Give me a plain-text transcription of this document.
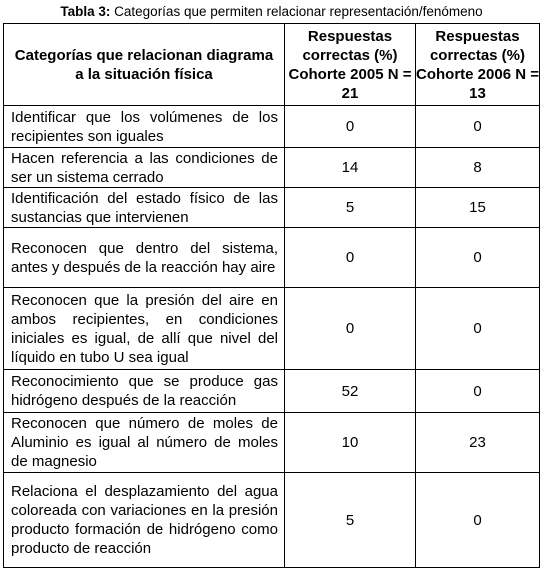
Tabla 3: Categorías que permiten relacionar representación/fenómeno
Categorías que relacionan diagrama a la situación física	Respuestas correctas (%) Cohorte 2005 N = 21	Respuestas correctas (%) Cohorte 2006 N = 13
Identificar que los volúmenes de los recipientes son iguales	0	0
Hacen referencia a las condiciones de ser un sistema cerrado	14	8
Identificación del estado físico de las sustancias que intervienen	5	15
Reconocen que dentro del sistema, antes y después de la reacción hay aire	0	0
Reconocen que la presión del aire en ambos recipientes, en condiciones iniciales es igual, de allí que nivel del líquido en tubo U sea igual	0	0
Reconocimiento que se produce gas hidrógeno después de la reacción	52	0
Reconocen que número de moles de Aluminio es igual al número de moles de magnesio	10	23
Relaciona el desplazamiento del agua coloreada con variaciones en la presión producto formación de hidrógeno como producto de reacción	5	0
